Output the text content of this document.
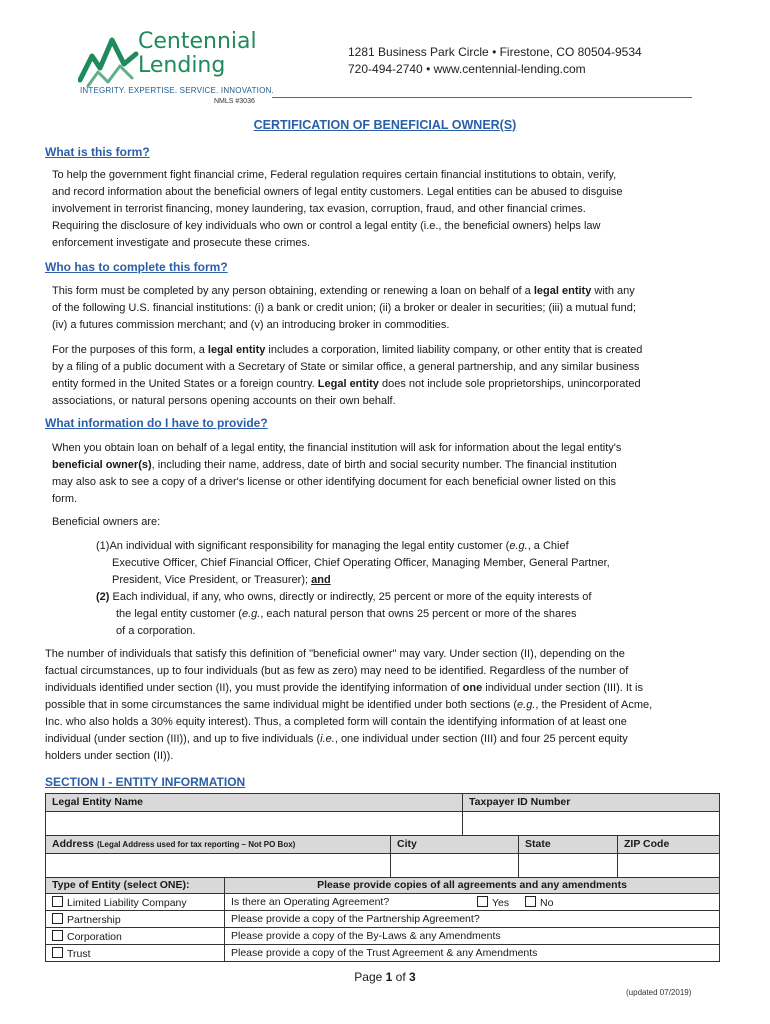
Centennial
Lending
INTEGRITY. EXPERTISE. SERVICE. INNOVATION.
NMLS #3036
1281 Business Park Circle • Firestone, CO 80504-9534
720-494-2740 • www.centennial-lending.com
CERTIFICATION OF BENEFICIAL OWNER(S)
What is this form?
To help the government fight financial crime, Federal regulation requires certain financial institutions to obtain, verify,
and record information about the beneficial owners of legal entity customers. Legal entities can be abused to disguise
involvement in terrorist financing, money laundering, tax evasion, corruption, fraud, and other financial crimes.
Requiring the disclosure of key individuals who own or control a legal entity (i.e., the beneficial owners) helps law
enforcement investigate and prosecute these crimes.
Who has to complete this form?
This form must be completed by any person obtaining, extending or renewing a loan on behalf of a legal entity with any
of the following U.S. financial institutions: (i) a bank or credit union; (ii) a broker or dealer in securities; (iii) a mutual fund;
(iv) a futures commission merchant; and (v) an introducing broker in commodities.
For the purposes of this form, a legal entity includes a corporation, limited liability company, or other entity that is created
by a filing of a public document with a Secretary of State or similar office, a general partnership, and any similar business
entity formed in the United States or a foreign country. Legal entity does not include sole proprietorships, unincorporated
associations, or natural persons opening accounts on their own behalf.
What information do I have to provide?
When you obtain loan on behalf of a legal entity, the financial institution will ask for information about the legal entity's
beneficial owner(s), including their name, address, date of birth and social security number. The financial institution
may also ask to see a copy of a driver's license or other identifying document for each beneficial owner listed on this
form.
Beneficial owners are:
(1)An individual with significant responsibility for managing the legal entity customer (e.g., a Chief
Executive Officer, Chief Financial Officer, Chief Operating Officer, Managing Member, General Partner,
President, Vice President, or Treasurer); and
(2) Each individual, if any, who owns, directly or indirectly, 25 percent or more of the equity interests of
the legal entity customer (e.g., each natural person that owns 25 percent or more of the shares
of a corporation.
The number of individuals that satisfy this definition of "beneficial owner" may vary. Under section (II), depending on the
factual circumstances, up to four individuals (but as few as zero) may need to be identified. Regardless of the number of
individuals identified under section (II), you must provide the identifying information of one individual under section (III). It is
possible that in some circumstances the same individual might be identified under both sections (e.g., the President of Acme,
Inc. who also holds a 30% equity interest). Thus, a completed form will contain the identifying information of at least one
individual (under section (III)), and up to five individuals (i.e., one individual under section (III) and four 25 percent equity
holders under section (II)).
SECTION I - ENTITY INFORMATION
Legal Entity Name	Taxpayer ID Number
Address (Legal Address used for tax reporting – Not PO Box)	City	State	ZIP Code
Type of Entity (select ONE):	Please provide copies of all agreements and any amendments
Limited Liability Company	Is there an Operating Agreement?	Yes	No
Partnership	Please provide a copy of the Partnership Agreement?
Corporation	Please provide a copy of the By-Laws & any Amendments
Trust	Please provide a copy of the Trust Agreement & any Amendments
Page 1 of 3
(updated 07/2019)
